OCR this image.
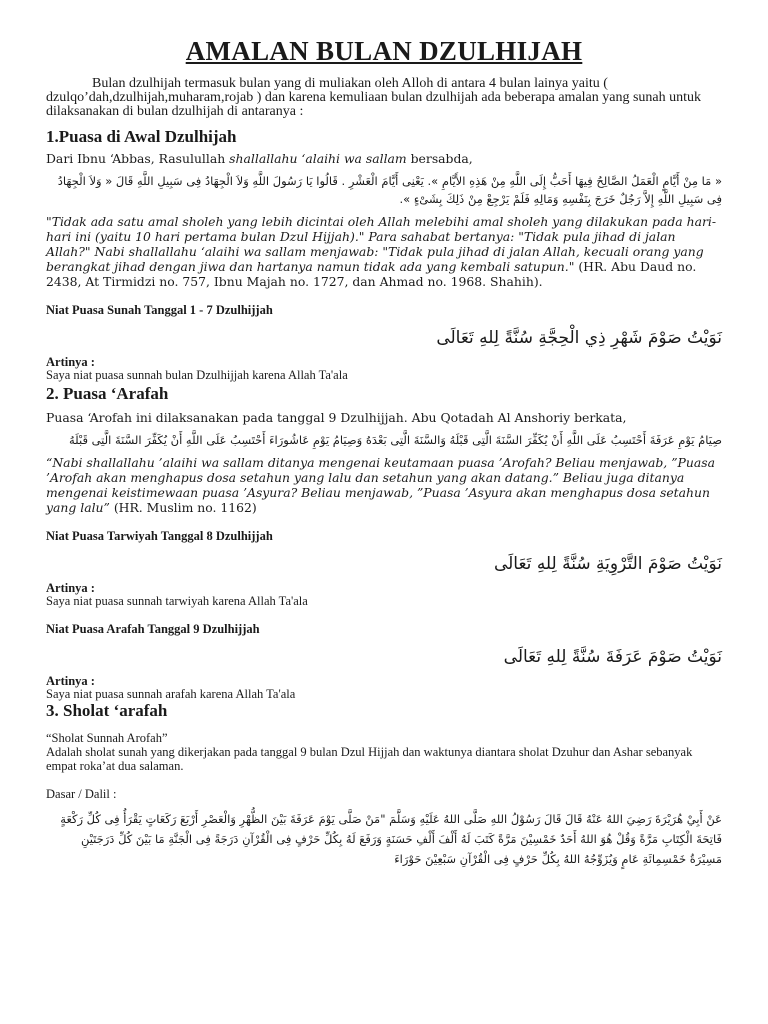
AMALAN BULAN DZULHIJAH

Bulan dzulhijah termasuk bulan yang di muliakan oleh Alloh di antara 4 bulan lainya yaitu ( dzulqo’dah,dzulhijah,muharam,rojab ) dan karena kemuliaan bulan dzulhijah ada beberapa amalan yang sunah untuk dilaksanakan di bulan dzulhijah di antaranya :

1.Puasa di Awal Dzulhijah

Dari Ibnu ‘Abbas, Rasulullah shallallahu ‘alaihi wa sallam bersabda,

« مَا مِنْ أَيَّامٍ الْعَمَلُ الصَّالِحُ فِيهَا أَحَبُّ إِلَى اللَّهِ مِنْ هَذِهِ الأَيَّامِ ». يَعْنِى أَيَّامَ الْعَشْرِ . قَالُوا يَا رَسُولَ اللَّهِ وَلاَ الْجِهَادُ فِى سَبِيلِ اللَّهِ قَالَ « وَلاَ الْجِهَادُ فِى سَبِيلِ اللَّهِ إِلاَّ رَجُلٌ خَرَجَ بِنَفْسِهِ وَمَالِهِ فَلَمْ يَرْجِعْ مِنْ ذَلِكَ بِشَىْءٍ ».

"Tidak ada satu amal sholeh yang lebih dicintai oleh Allah melebihi amal sholeh yang dilakukan pada hari-hari ini (yaitu 10 hari pertama bulan Dzul Hijjah)." Para sahabat bertanya: "Tidak pula jihad di jalan Allah?" Nabi shallallahu ‘alaihi wa sallam menjawab: "Tidak pula jihad di jalan Allah, kecuali orang yang berangkat jihad dengan jiwa dan hartanya namun tidak ada yang kembali satupun." (HR. Abu Daud no. 2438, At Tirmidzi no. 757, Ibnu Majah no. 1727, dan Ahmad no. 1968. Shahih).

Niat Puasa Sunah Tanggal 1 - 7 Dzulhijjah

نَوَيْتُ صَوْمَ شَهْرِ ذِي الْحِجَّةِ سُنَّةً لِلهِ تَعَالَى

Artinya :

Saya niat puasa sunnah bulan Dzulhijjah karena Allah Ta'ala

2. Puasa ‘Arafah

Puasa ‘Arofah ini dilaksanakan pada tanggal 9 Dzulhijjah. Abu Qotadah Al Anshoriy berkata,

صِيَامُ يَوْمِ عَرَفَةَ أَحْتَسِبُ عَلَى اللَّهِ أَنْ يُكَفِّرَ السَّنَةَ الَّتِى قَبْلَهُ وَالسَّنَةَ الَّتِى بَعْدَهُ وَصِيَامُ يَوْمِ عَاشُورَاءَ أَحْتَسِبُ عَلَى اللَّهِ أَنْ يُكَفِّرَ السَّنَةَ الَّتِى قَبْلَهُ

“Nabi shallallahu ’alaihi wa sallam ditanya mengenai keutamaan puasa ’Arofah? Beliau menjawab, ”Puasa ’Arofah akan menghapus dosa setahun yang lalu dan setahun yang akan datang.” Beliau juga ditanya mengenai keistimewaan puasa ’Asyura? Beliau menjawab, ”Puasa ’Asyura akan menghapus dosa setahun yang lalu” (HR. Muslim no. 1162)

Niat Puasa Tarwiyah Tanggal 8 Dzulhijjah

نَوَيْتُ صَوْمَ التَّرْوِيَةِ سُنَّةً لِلهِ تَعَالَى

Artinya :

Saya niat puasa sunnah tarwiyah karena Allah Ta'ala

Niat Puasa Arafah Tanggal 9 Dzulhijjah

نَوَيْتُ صَوْمَ عَرَفَةَ سُنَّةً لِلهِ تَعَالَى

Artinya :

Saya niat puasa sunnah arafah karena Allah Ta'ala

3. Sholat ‘arafah

“Sholat Sunnah Arofah”

Adalah sholat sunah yang dikerjakan pada tanggal 9 bulan Dzul Hijjah dan waktunya diantara sholat Dzuhur dan Ashar sebanyak empat roka’at dua salaman.

Dasar / Dalil :

عَنْ أَبِيْ هُرَيْرَةَ رَضِيَ اللهُ عَنْهُ قَالَ قَالَ رَسُوْلُ اللهِ صَلَّى اللهُ عَلَيْهِ وَسَلَّمَ "مَنْ صَلَّى يَوْمَ عَرَفَةَ بَيْنَ الظُّهْرِ وَالْعَصْرِ أَرْبَعَ رَكَعَاتٍ يَقْرَأُ فِى كُلِّ رَكْعَةٍ فَاتِحَةَ الْكِتَابِ مَرَّةً وَقُلْ هُوَ اللهُ أَحَدٌ خَمْسِيْنَ مَرَّةً كَتَبَ لَهُ أَلْفَ أَلْفِ حَسَنَةٍ وَرَفَعَ لَهُ بِكُلِّ حَرْفٍ فِى الْقُرْآنِ دَرَجَةً فِى الْجَنَّةِ مَا بَيْنَ كُلِّ دَرَجَتَيْنِ مَسِيْرَةُ خَمْسِمِائَةِ عَامٍ وَيُزَوِّجُهُ اللهُ بِكُلِّ حَرْفٍ فِى الْقُرْآنِ سَبْعِيْنَ حَوْرَاءَ
